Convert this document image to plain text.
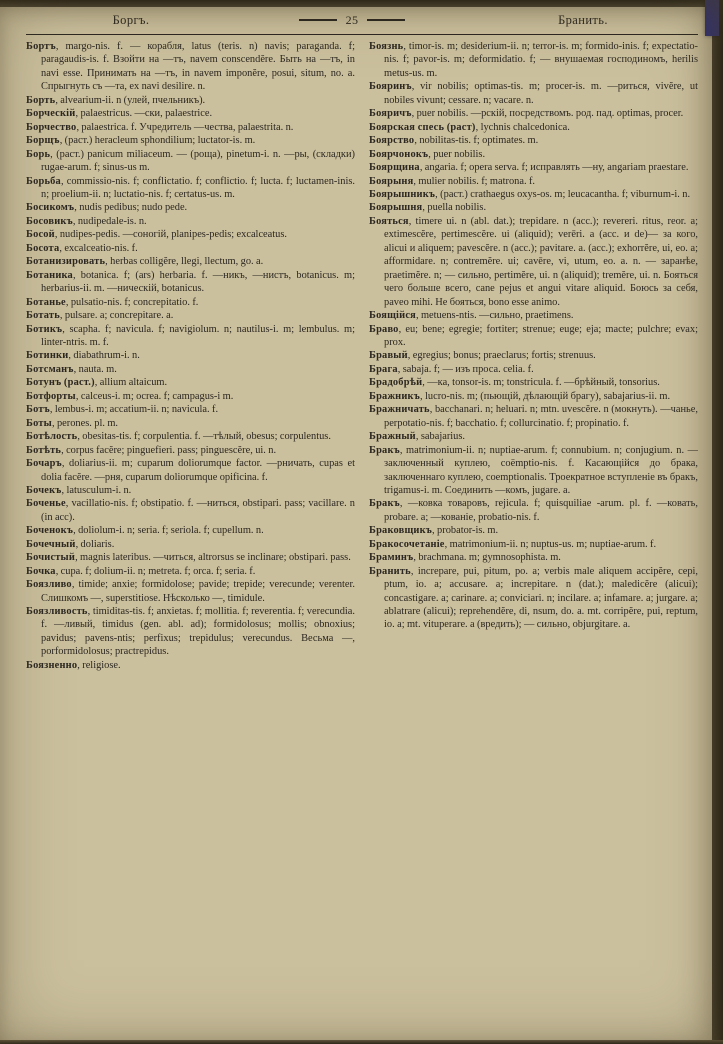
Боргъ.	25	Бранить.

Бортъ, margo-nis. f. — корабля, latus (teris. n) navis; paraganda. f; paragaudis-is. f. Взойти на —тъ, navem conscendĕre. Быть на —тъ, in navi esse. Принимать на —тъ, in navem imponĕre, posui, situm, no. a. Спрыгнуть съ —та, ex navi desilire. n.

Борть, alvearium-ii. n (улей, пчельникъ).

Борческій, palaestricus. —ски, palaestrice.

Борчество, palaestrica. f. Учредитель —чества, palaestrita. n.

Борщъ, (раст.) heracleum sphondilium; luctator-is. m.

Борь, (раст.) panicum miliaceum. — (роща), pinetum-i. n. —ры, (складки) rugae-arum. f; sinus-us m.

Борьба, commissio-nis. f; conflictatio. f; conflictio. f; lucta. f; luctamen-inis. n; proelium-ii. n; luctatio-nis. f; certatus-us. m.

Босикомъ, nudis pedibus; nudo pede.

Босовикъ, nudipedale-is. n.

Босой, nudipes-pedis. —соногій, planipes-pedis; excalceatus.

Босота, excalceatio-nis. f.

Ботанизировать, herbas colligĕre, llegi, llectum, go. a.

Ботаника, botanica. f; (ars) herbaria. f. —никъ, —нистъ, botanicus. m; herbarius-ii. m. —ническій, botanicus.

Ботанье, pulsatio-nis. f; concrepitatio. f.

Ботать, pulsare. a; concrepitare. a.

Ботикъ, scapha. f; navicula. f; navigiolum. n; nautilus-i. m; lembulus. m; linter-ntris. m. f.

Ботинки, diabathrum-i. n.

Ботсманъ, nauta. m.

Ботунъ (раст.), allium altaicum.

Ботфорты, calceus-i. m; ocrea. f; campagus-i m.

Ботъ, lembus-i. m; accatium-ii. n; navicula. f.

Боты, perones. pl. m.

Ботѣлость, obesitas-tis. f; corpulentia. f. —тѣлый, obesus; corpulentus.

Ботѣть, corpus facĕre; pinguefieri. pass; pinguescĕre, ui. n.

Бочаръ, doliarius-ii. m; cuparum doliorumque factor. —рничать, cupas et dolia facĕre. —рня, cuparum doliorumque opificina. f.

Бочекъ, latusculum-i. n.

Боченье, vacillatio-nis. f; obstipatio. f. —ниться, obstipari. pass; vacillare. n (in acc).

Боченокъ, doliolum-i. n; seria. f; seriola. f; cupellum. n.

Бочечный, doliaris.

Бочистый, magnis lateribus. —читься, altrorsus se inclinare; obstipari. pass.

Бочка, cupa. f; dolium-ii. n; metreta. f; orca. f; seria. f.

Боязливо, timide; anxie; formidolose; pavide; trepide; verecunde; verenter. Слишкомъ —, superstitiose. Нѣсколько —, timidule.

Боязливость, timiditas-tis. f; anxietas. f; mollitia. f; reverentia. f; verecundia. f. —ливый, timidus (gen. abl. ad); formidolosus; mollis; obnoxius; pavidus; pavens-ntis; perfixus; trepidulus; verecundus. Весьма —, porformidolosus; practrepidus.

Боязненно, religiose.

Боязнь, timor-is. m; desiderium-ii. n; terror-is. m; formido-inis. f; expectatio-nis. f; pavor-is. m; deformidatio. f; — внушаемая господиномъ, herilis metus-us. m.

Бояринъ, vir nobilis; optimas-tis. m; procer-is. m. —риться, vivĕre, ut nobiles vivunt; cessare. n; vacare. n.

Бояричъ, puer nobilis. —рскій, посредствомъ. род. пад. optimas, procer.

Боярская спесь (раст), lychnis chalcedonica.

Боярство, nobilitas-tis. f; optimates. m.

Боярчонокъ, puer nobilis.

Боярщина, angaria. f; opera serva. f; исправлять —ну, angariam praestare.

Боярыня, mulier nobilis. f; matrona. f.

Боярышникъ, (раст.) crathaegus oxys-os. m; leucacantha. f; viburnum-i. n.

Боярышня, puella nobilis.

Бояться, timere ui. n (abl. dat.); trepidare. n (acc.); revereri. ritus, reor. a; extimescĕre, pertimescĕre. ui (aliquid); verēri. a (acc. и de)— за кого, alicui и aliquem; pavescĕre. n (acc.); pavitare. a. (acc.); exhorrĕre, ui, eo. a; afformidare. n; contremĕre. ui; cavēre, vi, utum, eo. a. n. — заранѣе, praetimĕre. n; — сильно, pertimĕre, ui. n (aliquid); tremĕre, ui. n. Бояться чего больше всего, cane pejus et angui vitare aliquid. Боюсь за себя, paveo mihi. Не бояться, bono esse animo.

Боящійся, metuens-ntis. —сильно, praetimens.

Браво, eu; bene; egregie; fortiter; strenue; euge; eja; macte; pulchre; evax; prox.

Бравый, egregius; bonus; praeclarus; fortis; strenuus.

Брага, sabaja. f; — изъ проса. celia. f.

Брадобрѣй, —ка, tonsor-is. m; tonstricula. f. —брѣйный, tonsorius.

Бражникъ, lucro-nis. m; (пьющій, дѣлающій брагу), sabajarius-ii. m.

Бражничать, bacchanari. n; heluari. n; mtn. uvescĕre. n (мокнуть). —чанье, perpotatio-nis. f; bacchatio. f; collurcinatio. f; propinatio. f.

Бражный, sabajarius.

Бракъ, matrimonium-ii. n; nuptiae-arum. f; connubium. n; conjugium. n. — заключенный куплею, coëmptio-nis. f. Касающійся до брака, заключеннаго куплею, coemptionalis. Троекратное вступленіе въ бракъ, trigamus-i. m. Соединить —комъ, jugare. a.

Бракъ, —ковка товаровъ, rejicula. f; quisquiliae -arum. pl. f. —ковать, probare. a; —кованіе, probatio-nis. f.

Браковщикъ, probator-is. m.

Бракосочетаніе, matrimonium-ii. n; nuptus-us. m; nuptiae-arum. f.

Браминъ, brachmana. m; gymnosophista. m.

Бранить, increpare, pui, pitum, po. a; verbis male aliquem accipĕre, cepi, ptum, io. a; accusare. a; increpitare. n (dat.); maledicĕre (alicui); concastigare. a; carinare. a; conviciari. n; incilare. a; infamare. a; jurgare. a; ablatrare (alicui); reprehendĕre, di, nsum, do. a. mt. corripĕre, pui, reptum, io. a; mt. vituperare. a (вредить); — сильно, objurgitare. a.
